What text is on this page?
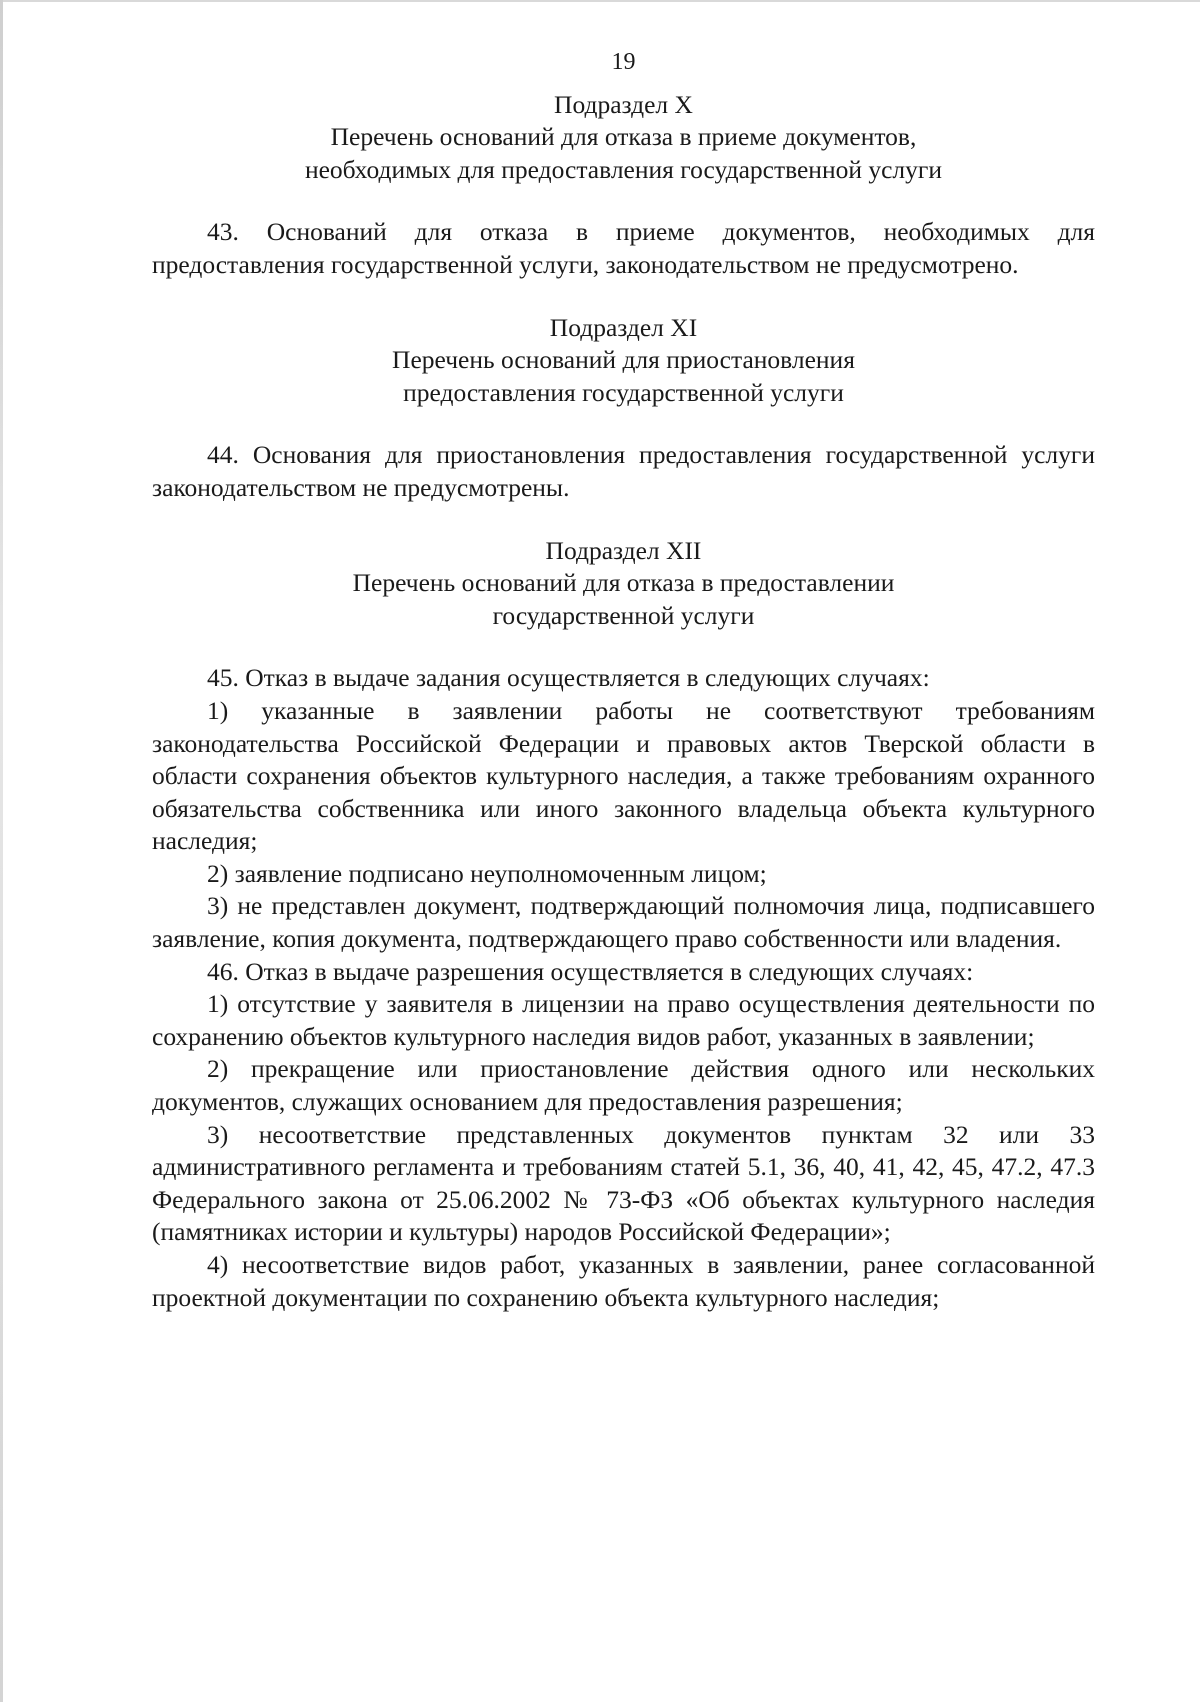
19
Подраздел X
Перечень оснований для отказа в приеме документов,
необходимых для предоставления государственной услуги

43. Оснований для отказа в приеме документов, необходимых для предоставления государственной услуги, законодательством не предусмотрено.

Подраздел XI
Перечень оснований для приостановления
предоставления государственной услуги

44. Основания для приостановления предоставления государственной услуги законодательством не предусмотрены.

Подраздел XII
Перечень оснований для отказа в предоставлении
государственной услуги

45. Отказ в выдаче задания осуществляется в следующих случаях:

1) указанные в заявлении работы не соответствуют требованиям законодательства Российской Федерации и правовых актов Тверской области в области сохранения объектов культурного наследия, а также требованиям охранного обязательства собственника или иного законного владельца объекта культурного наследия;

2) заявление подписано неуполномоченным лицом;

3) не представлен документ, подтверждающий полномочия лица, подписавшего заявление, копия документа, подтверждающего право собственности или владения.

46. Отказ в выдаче разрешения осуществляется в следующих случаях:

1) отсутствие у заявителя в лицензии на право осуществления деятельности по сохранению объектов культурного наследия видов работ, указанных в заявлении;

2) прекращение или приостановление действия одного или нескольких документов, служащих основанием для предоставления разрешения;

3) несоответствие представленных документов пунктам 32 или 33 административного регламента и требованиям статей 5.1, 36, 40, 41, 42, 45, 47.2, 47.3 Федерального закона от 25.06.2002 № 73-ФЗ «Об объектах культурного наследия (памятниках истории и культуры) народов Российской Федерации»;

4) несоответствие видов работ, указанных в заявлении, ранее согласованной проектной документации по сохранению объекта культурного наследия;
